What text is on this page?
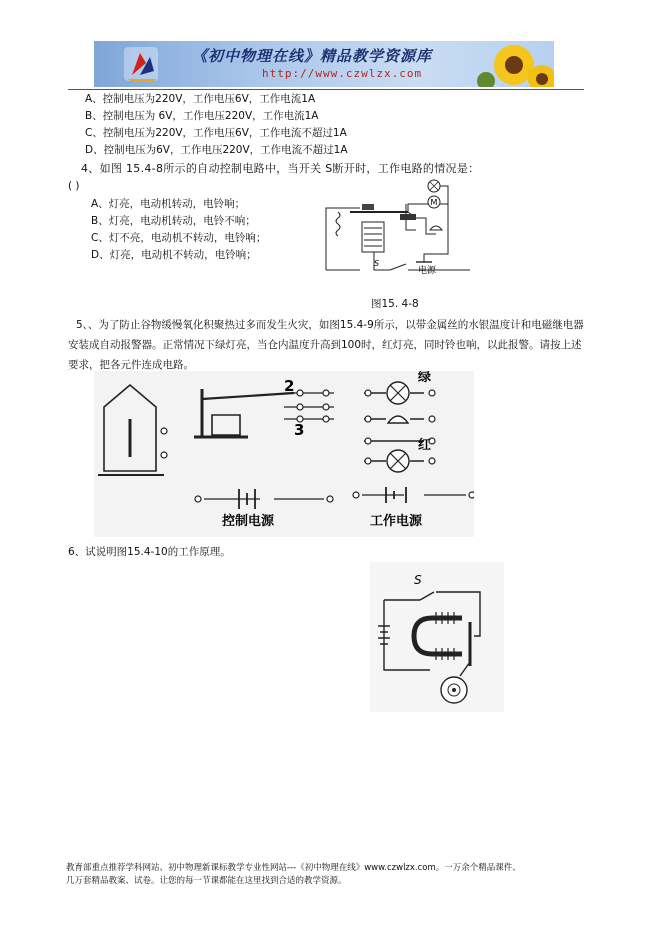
《初中物理在线》精品教学资源库
http://www.czwlzx.com
A、控制电压为220V，工作电压6V，工作电流1A
B、控制电压为 6V，工作电压220V，工作电流1A
C、控制电压为220V，工作电压6V，工作电流不超过1A
D、控制电压为6V，工作电压220V，工作电流不超过1A
4、如图 15.4-8所示的自动控制电路中，当开关 S断开时，工作电路的情况是：
( )
A、灯亮，电动机转动，电铃响；
B、灯亮，电动机转动，电铃不响；
C、灯不亮，电动机不转动，电铃响；
D、灯亮，电动机不转动，电铃响；
M
S
电源
图15. 4-8
5、、为了防止谷物缓慢氧化积聚热过多而发生火灾，如图15.4-9所示，以带金属丝的水银温度计和电磁继电器安装成自动报警器。正常情况下绿灯亮，当仓内温度升高到100时，红灯亮，同时铃也响，以此报警。请按上述要求，把各元件连成电路。
2
3
绿
红
控制电源	工作电源
6、试说明图15.4-10的工作原理。
S
教育部重点推荐学科网站、初中物理新课标教学专业性网站---《初中物理在线》www.czwlzx.com。一万余个精品课件、
几万套精品教案、试卷。让您的每一节课都能在这里找到合适的教学资源。
